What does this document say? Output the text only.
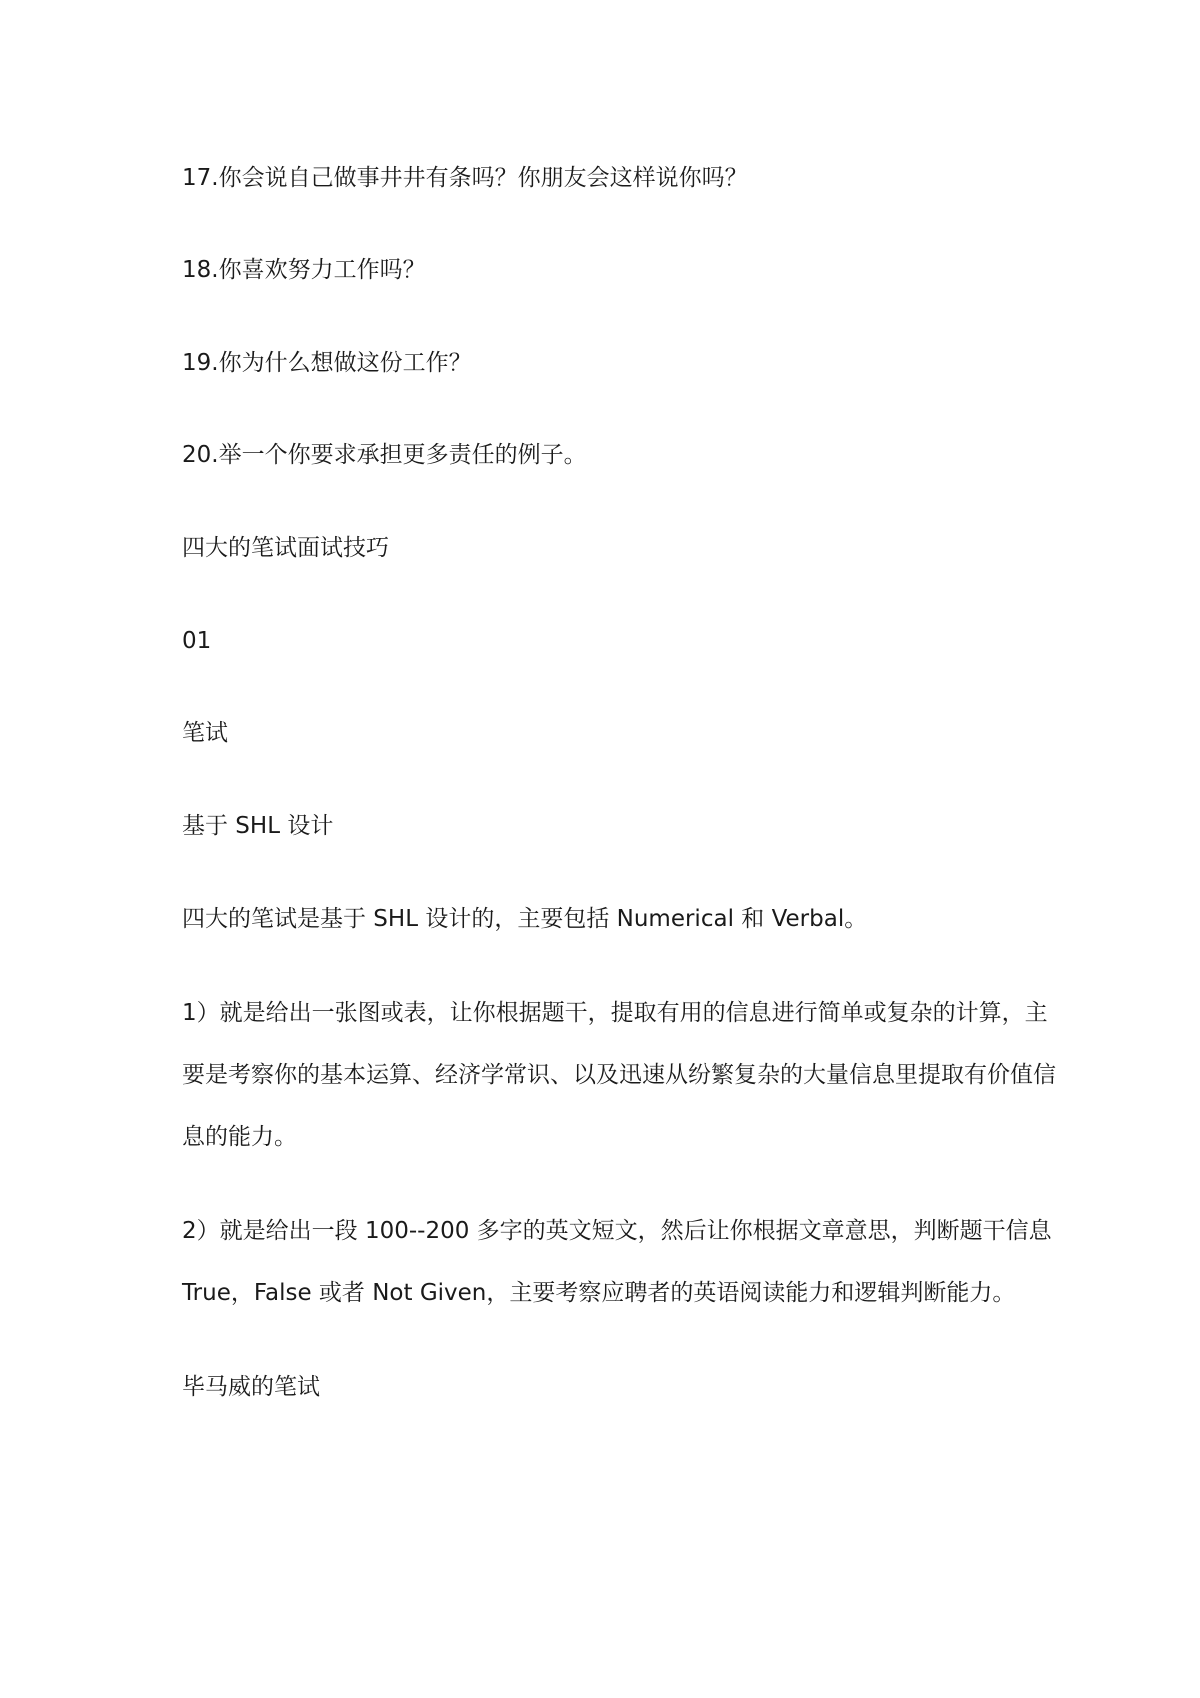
17.你会说自己做事井井有条吗？你朋友会这样说你吗？

18.你喜欢努力工作吗？

19.你为什么想做这份工作？

20.举一个你要求承担更多责任的例子。

四大的笔试面试技巧

01

笔试

基于 SHL 设计

四大的笔试是基于 SHL 设计的，主要包括 Numerical 和 Verbal。

1）就是给出一张图或表，让你根据题干，提取有用的信息进行简单或复杂的计算，主

要是考察你的基本运算、经济学常识、以及迅速从纷繁复杂的大量信息里提取有价值信

息的能力。

2）就是给出一段 100--200 多字的英文短文，然后让你根据文章意思，判断题干信息

True，False 或者 Not Given，主要考察应聘者的英语阅读能力和逻辑判断能力。

毕马威的笔试
